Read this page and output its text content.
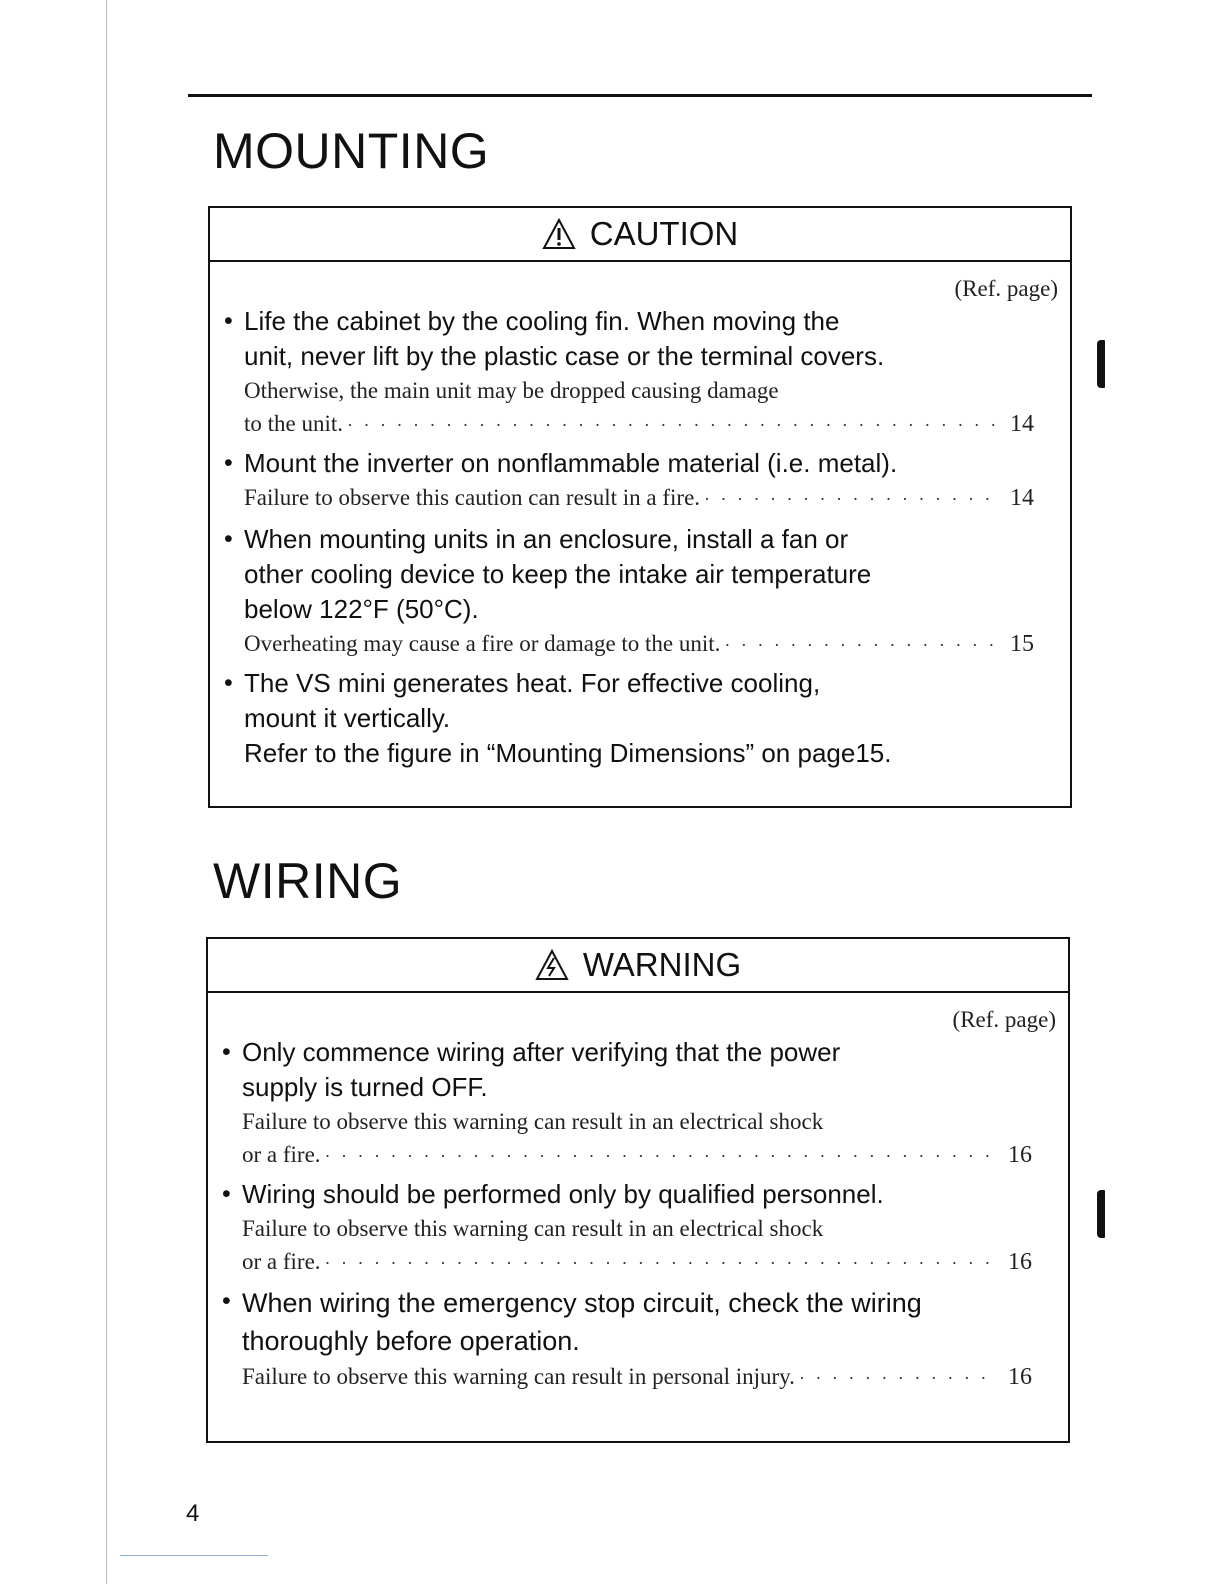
MOUNTING
CAUTION
(Ref. page)
• Life the cabinet by the cooling fin. When moving the
unit, never lift by the plastic case or the terminal covers.
Otherwise, the main unit may be dropped causing damage
to the unit. · · ·	14
• Mount the inverter on nonflammable material (i.e. metal).
Failure to observe this caution can result in a fire. · · ·	14
• When mounting units in an enclosure, install a fan or
other cooling device to keep the intake air temperature
below 122°F (50°C).
Overheating may cause a fire or damage to the unit. · · ·	15
• The VS mini generates heat. For effective cooling,
mount it vertically.
Refer to the figure in “Mounting Dimensions” on page15.
WIRING
WARNING
(Ref. page)
• Only commence wiring after verifying that the power
supply is turned OFF.
Failure to observe this warning can result in an electrical shock
or a fire. · · ·	16
• Wiring should be performed only by qualified personnel.
Failure to observe this warning can result in an electrical shock
or a fire. · · ·	16
• When wiring the emergency stop circuit, check the wiring
thoroughly before operation.
Failure to observe this warning can result in personal injury. · · ·	16
4
